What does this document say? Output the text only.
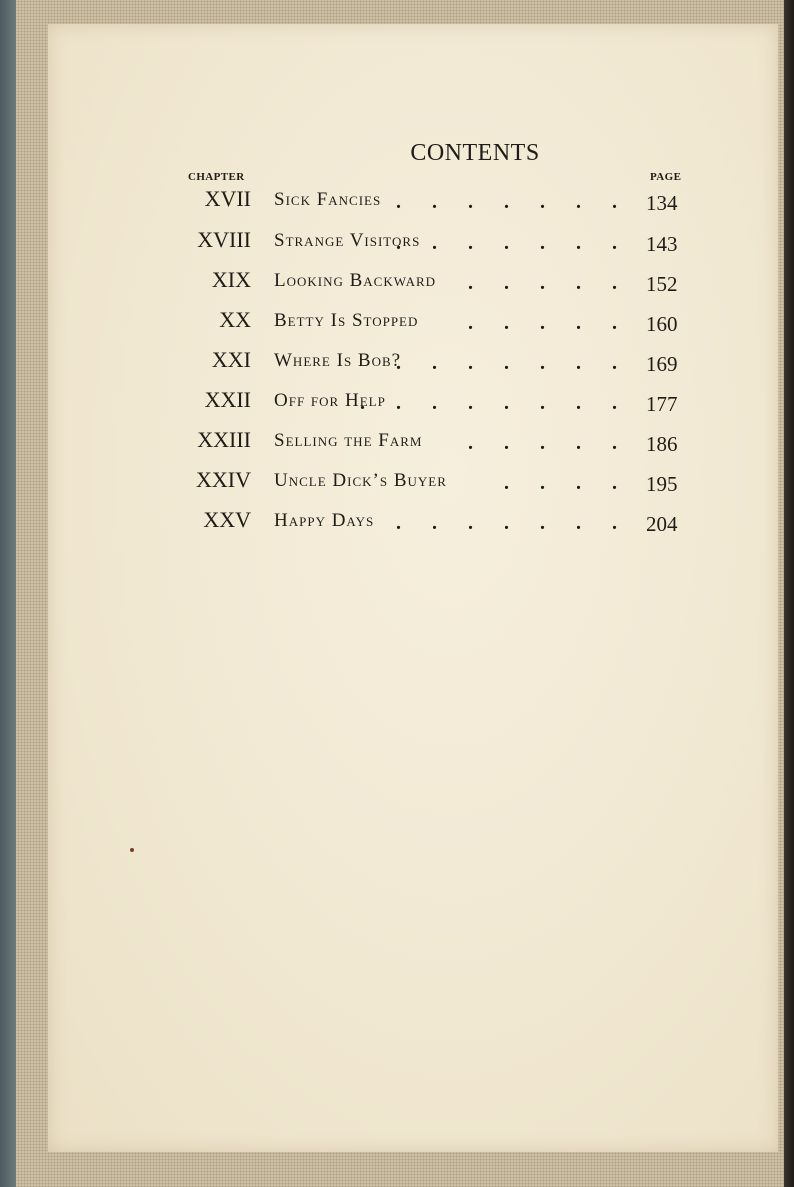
CONTENTS
CHAPTER	PAGE
XVII Sick Fancies . . . . . . . 134
XVIII Strange Visitors
. . . . . . . 143
XIX Looking Backward . . . . . 152
XX Betty Is Stopped . . . . . 160
XXI Where Is Bob?
. . . . . . . 169
XXII Off for Help
. . . . . . . . 177
XXIII Selling the Farm . . . . . 186
XXIV Uncle Dick’s Buyer	. . . . 195
XXV Happy Days . . . . . . . 204
